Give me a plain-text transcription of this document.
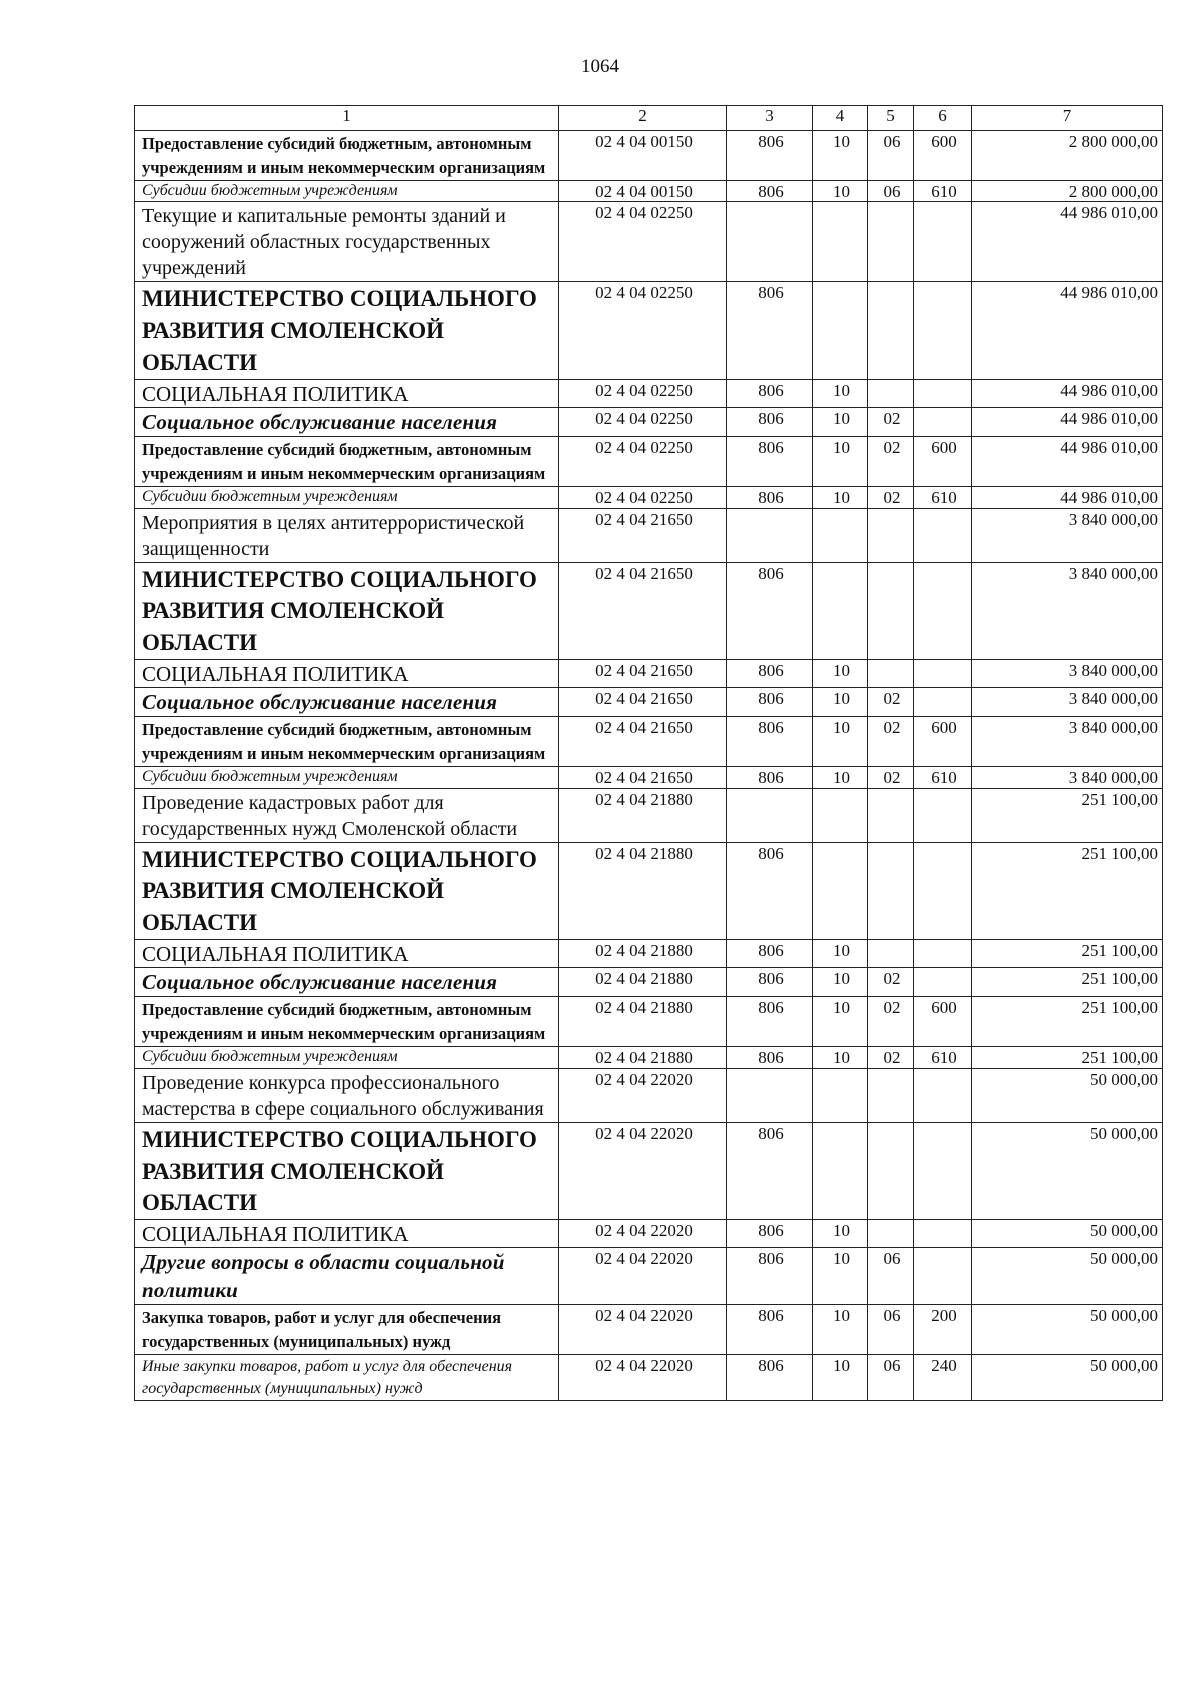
1064
1	2	3	4	5	6	7
Предоставление субсидий бюджетным, автономным учреждениям и иным некоммерческим организациям	02 4 04 00150	806	10	06	600	2 800 000,00
Субсидии бюджетным учреждениям	02 4 04 00150	806	10	06	610	2 800 000,00
Текущие и капитальные ремонты зданий и сооружений областных государственных учреждений	02 4 04 02250					44 986 010,00
МИНИСТЕРСТВО СОЦИАЛЬНОГО РАЗВИТИЯ СМОЛЕНСКОЙ ОБЛАСТИ	02 4 04 02250	806				44 986 010,00
СОЦИАЛЬНАЯ ПОЛИТИКА	02 4 04 02250	806	10			44 986 010,00
Социальное обслуживание населения	02 4 04 02250	806	10	02		44 986 010,00
Предоставление субсидий бюджетным, автономным учреждениям и иным некоммерческим организациям	02 4 04 02250	806	10	02	600	44 986 010,00
Субсидии бюджетным учреждениям	02 4 04 02250	806	10	02	610	44 986 010,00
Мероприятия в целях антитеррористической защищенности	02 4 04 21650					3 840 000,00
МИНИСТЕРСТВО СОЦИАЛЬНОГО РАЗВИТИЯ СМОЛЕНСКОЙ ОБЛАСТИ	02 4 04 21650	806				3 840 000,00
СОЦИАЛЬНАЯ ПОЛИТИКА	02 4 04 21650	806	10			3 840 000,00
Социальное обслуживание населения	02 4 04 21650	806	10	02		3 840 000,00
Предоставление субсидий бюджетным, автономным учреждениям и иным некоммерческим организациям	02 4 04 21650	806	10	02	600	3 840 000,00
Субсидии бюджетным учреждениям	02 4 04 21650	806	10	02	610	3 840 000,00
Проведение кадастровых работ для государственных нужд Смоленской области	02 4 04 21880					251 100,00
МИНИСТЕРСТВО СОЦИАЛЬНОГО РАЗВИТИЯ СМОЛЕНСКОЙ ОБЛАСТИ	02 4 04 21880	806				251 100,00
СОЦИАЛЬНАЯ ПОЛИТИКА	02 4 04 21880	806	10			251 100,00
Социальное обслуживание населения	02 4 04 21880	806	10	02		251 100,00
Предоставление субсидий бюджетным, автономным учреждениям и иным некоммерческим организациям	02 4 04 21880	806	10	02	600	251 100,00
Субсидии бюджетным учреждениям	02 4 04 21880	806	10	02	610	251 100,00
Проведение конкурса профессионального мастерства в сфере социального обслуживания	02 4 04 22020					50 000,00
МИНИСТЕРСТВО СОЦИАЛЬНОГО РАЗВИТИЯ СМОЛЕНСКОЙ ОБЛАСТИ	02 4 04 22020	806				50 000,00
СОЦИАЛЬНАЯ ПОЛИТИКА	02 4 04 22020	806	10			50 000,00
Другие вопросы в области социальной политики	02 4 04 22020	806	10	06		50 000,00
Закупка товаров, работ и услуг для обеспечения государственных (муниципальных) нужд	02 4 04 22020	806	10	06	200	50 000,00
Иные закупки товаров, работ и услуг для обеспечения государственных (муниципальных) нужд	02 4 04 22020	806	10	06	240	50 000,00
